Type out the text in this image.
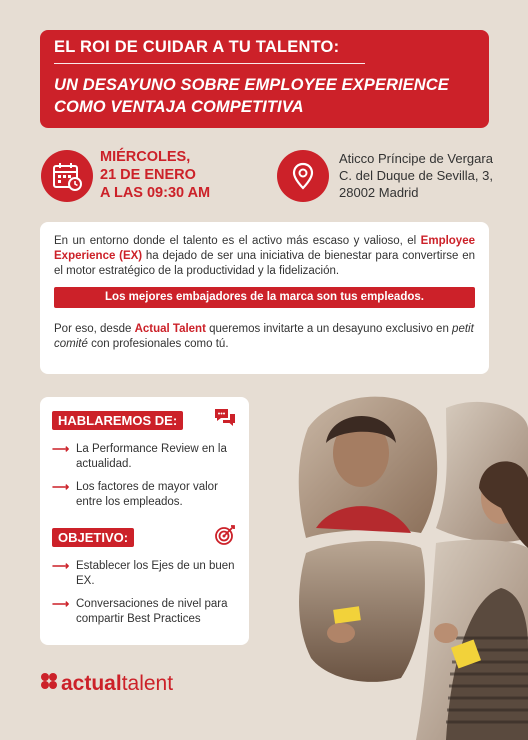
EL ROI DE CUIDAR A TU TALENTO:
UN DESAYUNO SOBRE EMPLOYEE EXPERIENCE
COMO VENTAJA COMPETITIVA
MIÉRCOLES,
21 DE ENERO
A LAS 09:30 AM
Aticco Príncipe de Vergara
C. del Duque de Sevilla, 3,
28002 Madrid

En un entorno donde el talento es el activo más escaso y valioso, el Employee Experience (EX) ha dejado de ser una iniciativa de bienestar para convertirse en el motor estratégico de la productividad y la fidelización.

Los mejores embajadores de la marca son tus empleados.

Por eso, desde Actual Talent queremos invitarte a un desayuno exclusivo en petit comité con profesionales como tú.

HABLAREMOS DE:
⟶ La Performance Review en la actualidad.
⟶ Los factores de mayor valor entre los empleados.
OBJETIVO:
⟶ Establecer los Ejes de un buen EX.
⟶ Conversaciones de nivel para compartir Best Practices
actual talent
